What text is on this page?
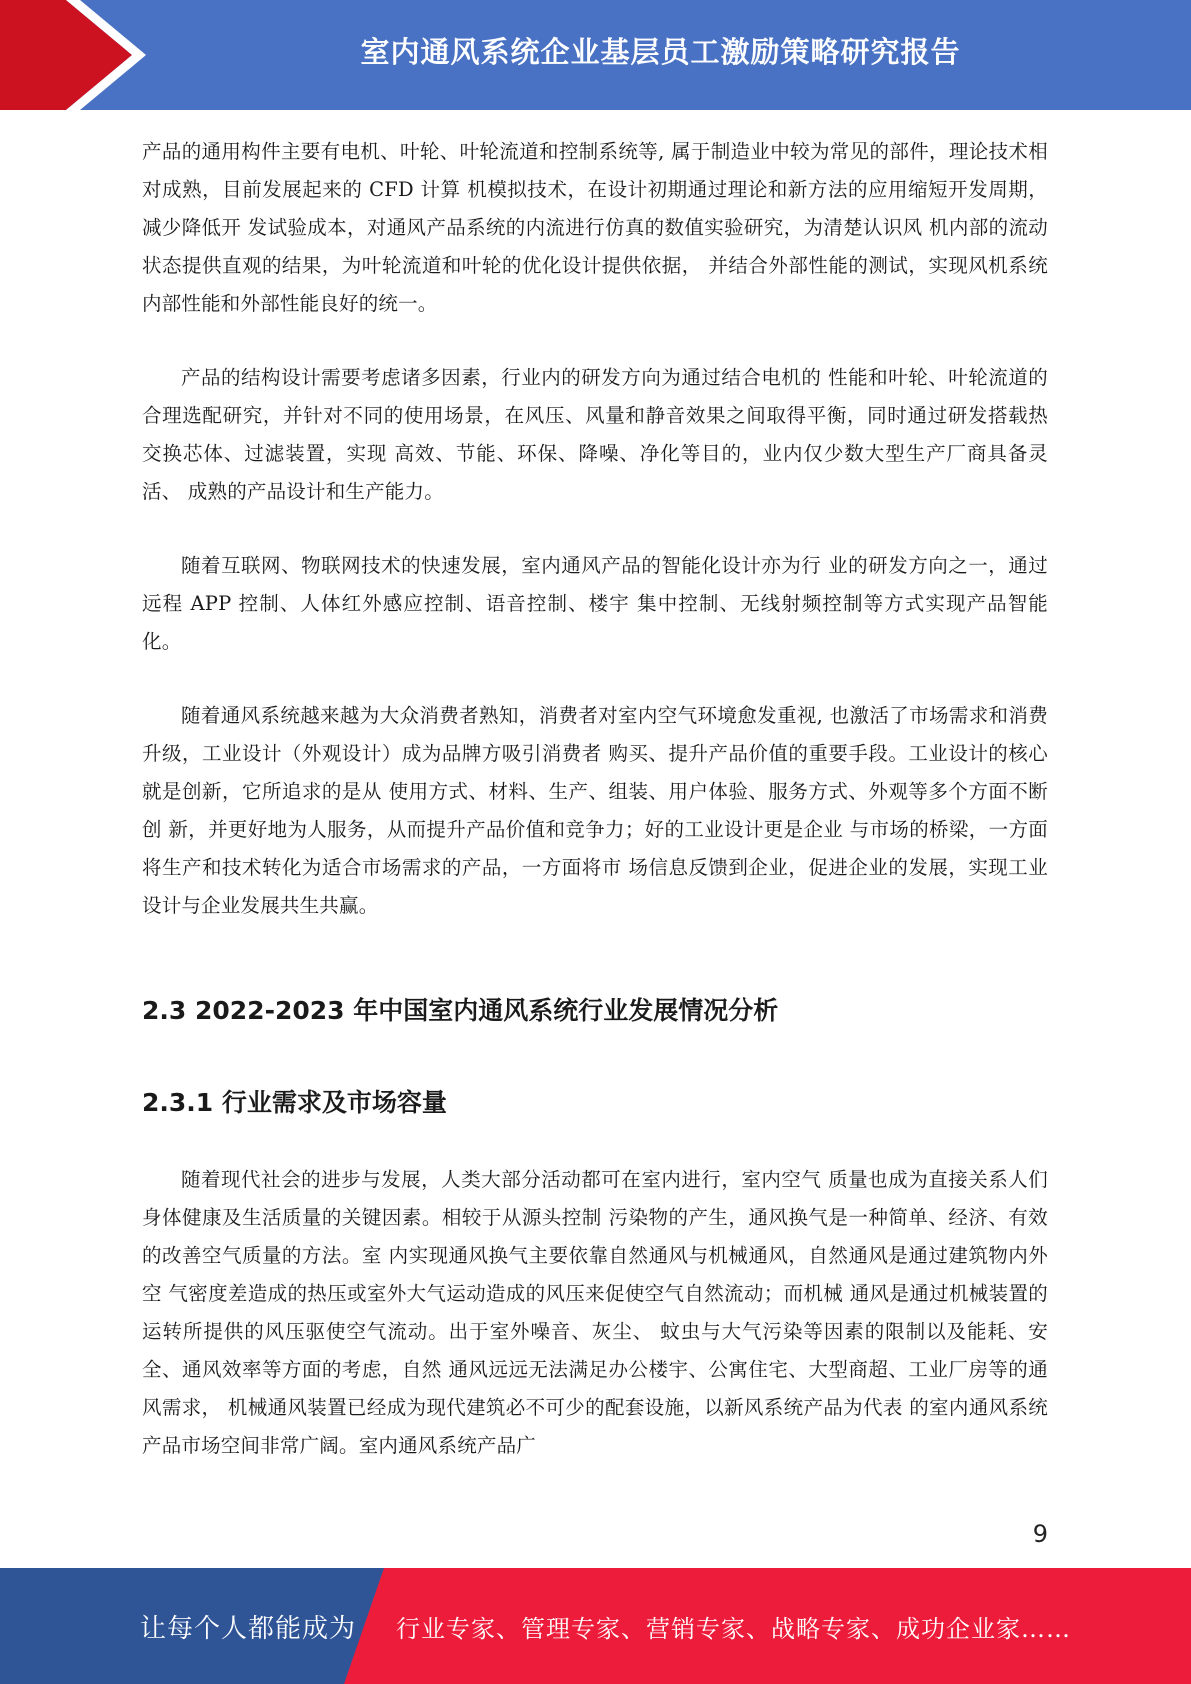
室内通风系统企业基层员工激励策略研究报告

产品的通用构件主要有电机、叶轮、叶轮流道和控制系统等, 属于制造业中较为常见的部件，理论技术相对成熟，目前发展起来的 CFD 计算 机模拟技术，在设计初期通过理论和新方法的应用缩短开发周期，减少降低开 发试验成本，对通风产品系统的内流进行仿真的数值实验研究，为清楚认识风 机内部的流动状态提供直观的结果，为叶轮流道和叶轮的优化设计提供依据， 并结合外部性能的测试，实现风机系统内部性能和外部性能良好的统一。

产品的结构设计需要考虑诸多因素，行业内的研发方向为通过结合电机的 性能和叶轮、叶轮流道的合理选配研究，并针对不同的使用场景，在风压、风量和静音效果之间取得平衡，同时通过研发搭载热交换芯体、过滤装置，实现 高效、节能、环保、降噪、净化等目的，业内仅少数大型生产厂商具备灵活、 成熟的产品设计和生产能力。

随着互联网、物联网技术的快速发展，室内通风产品的智能化设计亦为行 业的研发方向之一，通过远程 APP 控制、人体红外感应控制、语音控制、楼宇 集中控制、无线射频控制等方式实现产品智能化。

随着通风系统越来越为大众消费者熟知，消费者对室内空气环境愈发重视, 也激活了市场需求和消费升级，工业设计（外观设计）成为品牌方吸引消费者 购买、提升产品价值的重要手段。工业设计的核心就是创新，它所追求的是从 使用方式、材料、生产、组装、用户体验、服务方式、外观等多个方面不断创 新，并更好地为人服务，从而提升产品价值和竞争力；好的工业设计更是企业 与市场的桥梁，一方面将生产和技术转化为适合市场需求的产品，一方面将市 场信息反馈到企业，促进企业的发展，实现工业设计与企业发展共生共赢。

2.3 2022-2023 年中国室内通风系统行业发展情况分析
2.3.1 行业需求及市场容量

随着现代社会的进步与发展，人类大部分活动都可在室内进行，室内空气 质量也成为直接关系人们身体健康及生活质量的关键因素。相较于从源头控制 污染物的产生，通风换气是一种简单、经济、有效的改善空气质量的方法。室 内实现通风换气主要依靠自然通风与机械通风，自然通风是通过建筑物内外空 气密度差造成的热压或室外大气运动造成的风压来促使空气自然流动；而机械 通风是通过机械装置的运转所提供的风压驱使空气流动。出于室外噪音、灰尘、 蚊虫与大气污染等因素的限制以及能耗、安全、通风效率等方面的考虑，自然 通风远远无法满足办公楼宇、公寓住宅、大型商超、工业厂房等的通风需求， 机械通风装置已经成为现代建筑必不可少的配套设施，以新风系统产品为代表 的室内通风系统产品市场空间非常广阔。室内通风系统产品广

9
让每个人都能成为 行业专家、管理专家、营销专家、战略专家、成功企业家……
